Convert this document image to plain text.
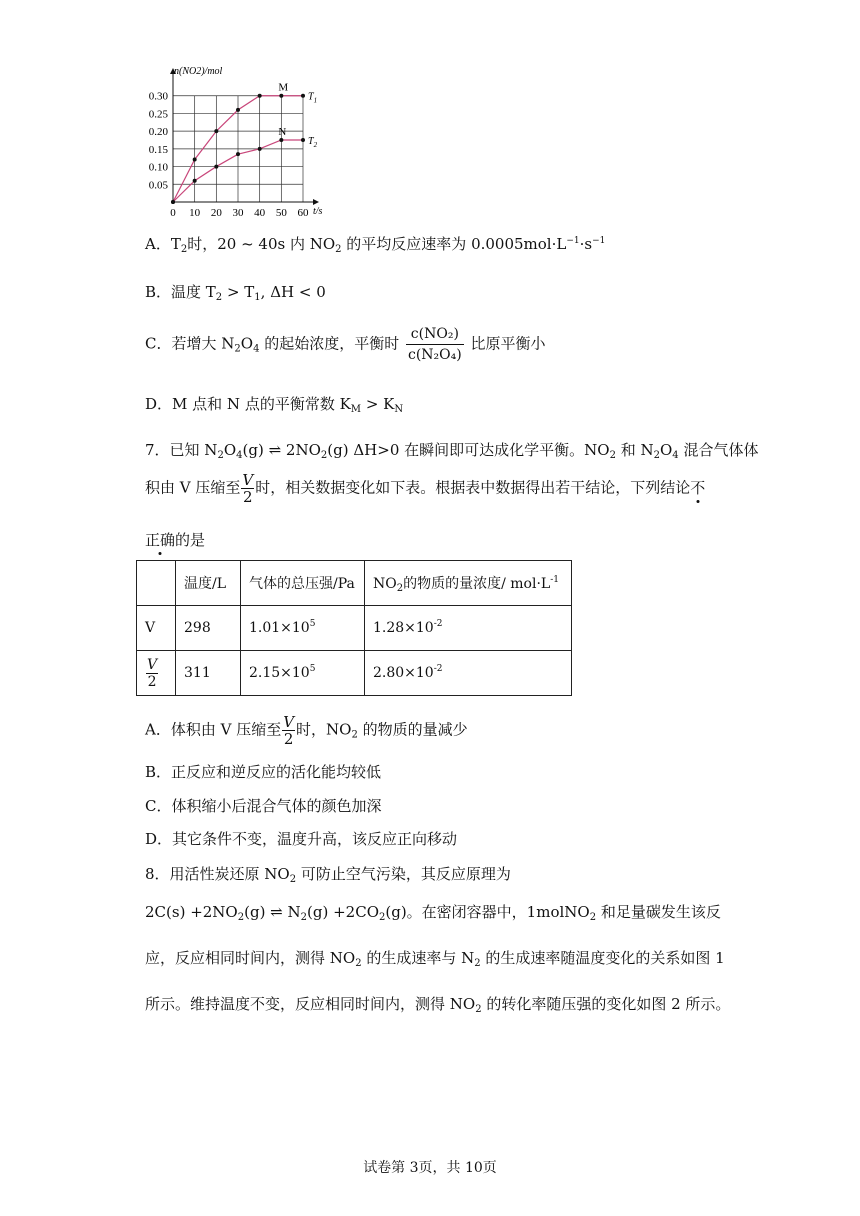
0 10 20 30 40 50 60
0.05
0.10
0.15
0.20
0.25
0.30	$T_1$
M
$T_2$
N
n(NO2)/mol
t/s
A．$T_2$时，20 ~ 40s 内 $NO_2$ 的平均反应速率为 $0.0005mol\cdot L^{-1}\cdot s^{-1}$
B．温度 $T_2 > T_1$, ΔH < 0
C．若增大 $N_2O_4$ 的起始浓度，平衡时 $\frac{\text{c(NO₂)}}{\text{c(N₂O₄)}}$ 比原平衡小
D．M 点和 N 点的平衡常数 $K_M > K_N$
7．已知 $N_2O_4(g)$ ⇌ $2NO_2(g)$ ΔH>0 在瞬间即可达成化学平衡。$NO_2$ 和 $N_2O_4$ 混合气体体
积由 V 压缩至 $\frac{V}{2}$ 时，相关数据变化如下表。根据表中数据得出若干结论，下列结论不
正确的是
	温度/L	气体的总压强/Pa	$NO_2$的物质的量浓度/ $mol\cdot L^{-1}$
V	298	$1.01\times 10^5$	$1.28\times 10^{-2}$

$\frac{V}{2}$	311	$2.15\times 10^5$	$2.80\times 10^{-2}$
A．体积由 V 压缩至 $\frac{V}{2}$ 时，$NO_2$ 的物质的量减少
B．正反应和逆反应的活化能均较低
C．体积缩小后混合气体的颜色加深
D．其它条件不变，温度升高，该反应正向移动
8．用活性炭还原 $NO_2$ 可防止空气污染，其反应原理为
$2C(s) +2NO_2(g)$ ⇌ $N_2(g) +2CO_2(g)$。在密闭容器中，1molNO$_2$ 和足量碳发生该反
应，反应相同时间内，测得 $NO_2$ 的生成速率与 $N_2$ 的生成速率随温度变化的关系如图 1
所示。维持温度不变，反应相同时间内，测得 $NO_2$ 的转化率随压强的变化如图 2 所示。
试卷第 3页，共 10页
